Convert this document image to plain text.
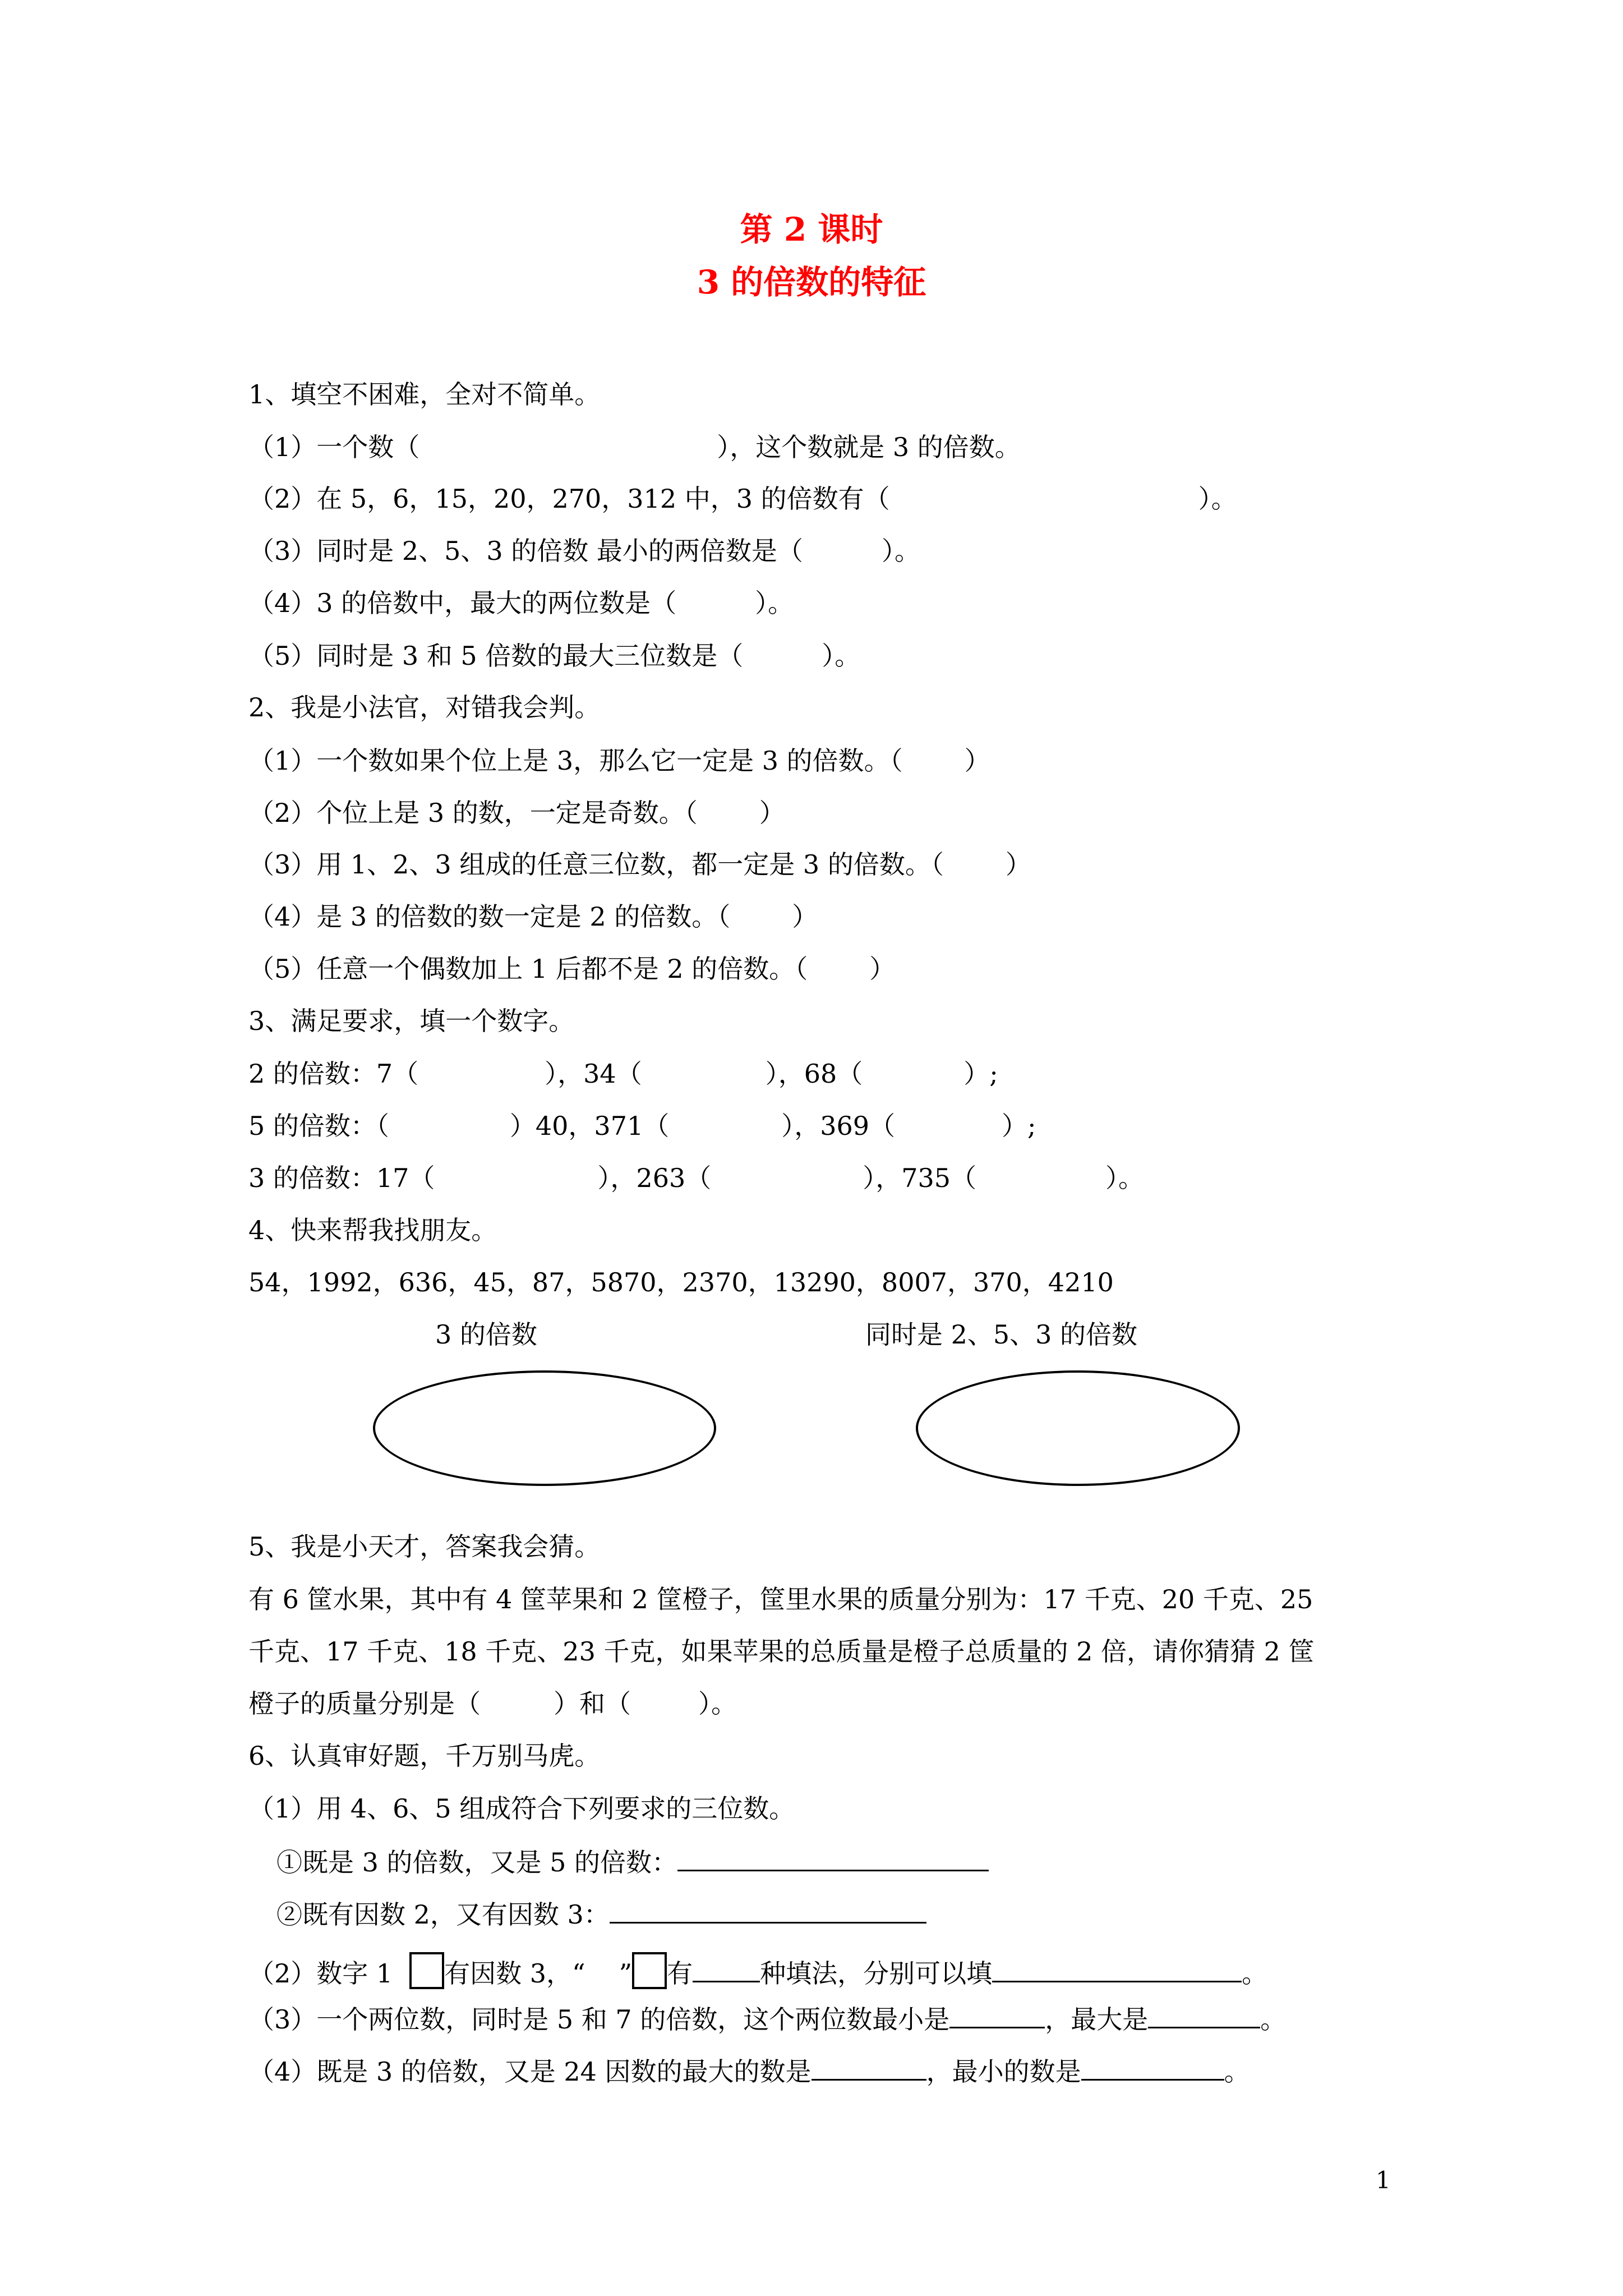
第 2 课时
3 的倍数的特征
1、填空不困难，全对不简单。
（1）一个数（	），这个数就是 3 的倍数。
（2）在 5，6，15，20，270，312 中，3 的倍数有（	）。
（3）同时是 2、5、3 的倍数 最小的两倍数是（	）。
（4）3 的倍数中，最大的两位数是（	）。
（5）同时是 3 和 5 倍数的最大三位数是（	）。
2、我是小法官，对错我会判。
（1）一个数如果个位上是 3，那么它一定是 3 的倍数。（ ）
（2）个位上是 3 的数，一定是奇数。（ ）
（3）用 1、2、3 组成的任意三位数，都一定是 3 的倍数。（ ）
（4）是 3 的倍数的数一定是 2 的倍数。（ ）
（5）任意一个偶数加上 1 后都不是 2 的倍数。（ ）
3、满足要求，填一个数字。
2 的倍数：7（	），34（	），68（	）;
5 的倍数：（	）40，371（	），369（	）;
3 的倍数：17（	），263（	），735（	）。
4、快来帮我找朋友。
54，1992，636，45，87，5870，2370，13290，8007，370，4210
3 的倍数	同时是 2、5、3 的倍数
5、我是小天才，答案我会猜。
有 6 筐水果，其中有 4 筐苹果和 2 筐橙子，筐里水果的质量分别为：17 千克、20 千克、25
千克、17 千克、18 千克、23 千克，如果苹果的总质量是橙子总质量的 2 倍，请你猜猜 2 筐
橙子的质量分别是（	）和（	）。
6、认真审好题，千万别马虎。
（1）用 4、6、5 组成符合下列要求的三位数。
①既是 3 的倍数，又是 5 的倍数：
②既有因数 2，又有因数 3：
（2）数字 1 有因数 3，“ ” 有	种填法，分别可以填	。
（3）一个两位数，同时是 5 和 7 的倍数，这个两位数最小是	，最大是	。
（4）既是 3 的倍数，又是 24 因数的最大的数是	，最小的数是	。
1
